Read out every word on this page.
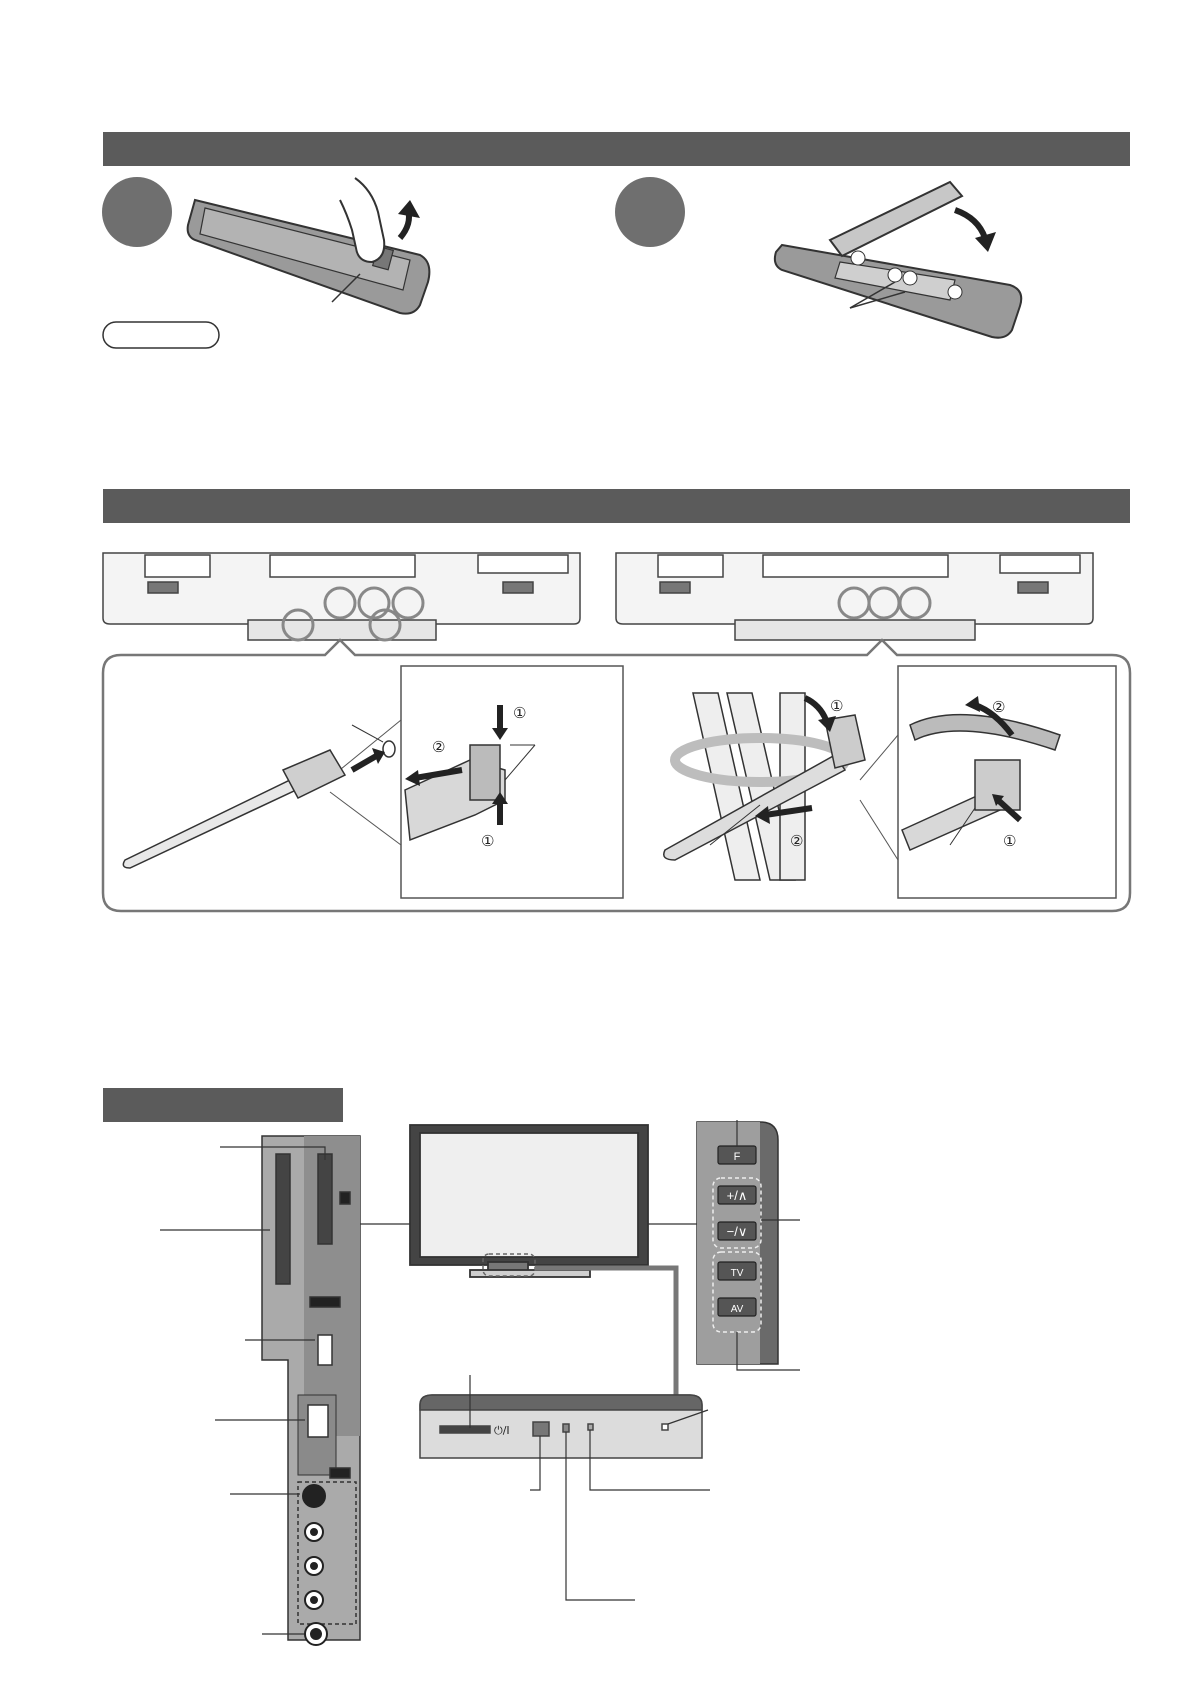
①
②
①
①
②
②
①
⏻/I
F
+/∧
−/∨
TV
AV
